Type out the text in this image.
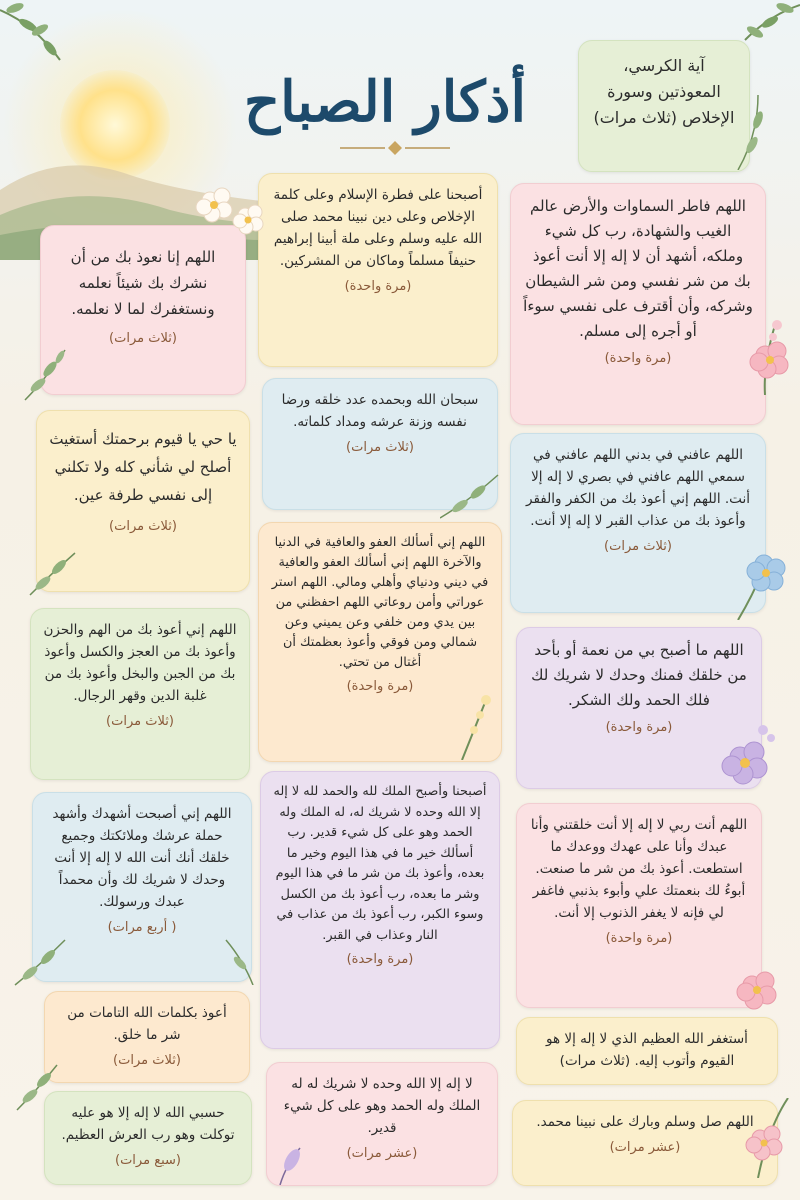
أذكار الصباح
آية الكرسي، المعوذتين وسورة الإخلاص (ثلاث مرات)
اللهم فاطر السماوات والأرض عالم الغيب والشهادة، رب كل شيء وملكه، أشهد أن لا إله إلا أنت أعوذ بك من شر نفسي ومن شر الشيطان وشركه، وأن أقترف على نفسي سوءاً أو أجره إلى مسلم.
(مرة واحدة)
اللهم عافني في بدني اللهم عافني في سمعي اللهم عافني في بصري لا إله إلا أنت. اللهم إني أعوذ بك من الكفر والفقر وأعوذ بك من عذاب القبر لا إله إلا أنت.
(ثلاث مرات)
اللهم ما أصبح بي من نعمة أو بأحد من خلقك فمنك وحدك لا شريك لك فلك الحمد ولك الشكر.
(مرة واحدة)
اللهم أنت ربي لا إله إلا أنت خلقتني وأنا عبدك وأنا على عهدك ووعدك ما استطعت. أعوذ بك من شر ما صنعت. أبوءُ لك بنعمتك علي وأبوء بذنبي فاغفر لي فإنه لا يغفر الذنوب إلا أنت.
(مرة واحدة)
أستغفر الله العظيم الذي لا إله إلا هو القيوم وأتوب إليه. (ثلاث مرات)
اللهم صل وسلم وبارك على نبينا محمد.
(عشر مرات)
أصبحنا على فطرة الإسلام وعلى كلمة الإخلاص وعلى دين نبينا محمد صلى الله عليه وسلم وعلى ملة أبينا إبراهيم حنيفاً مسلماً وماكان من المشركين.
(مرة واحدة)
سبحان الله وبحمده عدد خلقه ورضا نفسه وزنة عرشه ومداد كلماته.
(ثلاث مرات)
اللهم إني أسألك العفو والعافية في الدنيا والآخرة اللهم إني أسألك العفو والعافية في ديني ودنياي وأهلي ومالي. اللهم استر عوراتي وأمن روعاتي اللهم احفظني من بين يدي ومن خلفي وعن يميني وعن شمالي ومن فوقي وأعوذ بعظمتك أن أغتال من تحتي.
(مرة واحدة)
أصبحنا وأصبح الملك لله والحمد لله لا إله إلا الله وحده لا شريك له، له الملك وله الحمد وهو على كل شيء قدير. رب أسألك خير ما في هذا اليوم وخير ما بعده، وأعوذ بك من شر ما في هذا اليوم وشر ما بعده، رب أعوذ بك من الكسل وسوء الكبر، رب أعوذ بك من عذاب في النار وعذاب في القبر.
(مرة واحدة)
لا إله إلا الله وحده لا شريك له له الملك وله الحمد وهو على كل شيء قدير.
(عشر مرات)
اللهم إنا نعوذ بك من أن نشرك بك شيئاً نعلمه ونستغفرك لما لا نعلمه.
(ثلاث مرات)
يا حي يا قيوم برحمتك أستغيث أصلح لي شأني كله ولا تكلني إلى نفسي طرفة عين.
(ثلاث مرات)
اللهم إني أعوذ بك من الهم والحزن وأعوذ بك من العجز والكسل وأعوذ بك من الجبن والبخل وأعوذ بك من غلبة الدين وقهر الرجال.
(ثلاث مرات)
اللهم إني أصبحت أشهدك وأشهد حملة عرشك وملائكتك وجميع خلقك أنك أنت الله لا إله إلا أنت وحدك لا شريك لك وأن محمداً عبدك ورسولك.
( أربع مرات)
أعوذ بكلمات الله التامات من شر ما خلق.
(ثلاث مرات)
حسبي الله لا إله إلا هو عليه توكلت وهو رب العرش العظيم.
(سبع مرات)
